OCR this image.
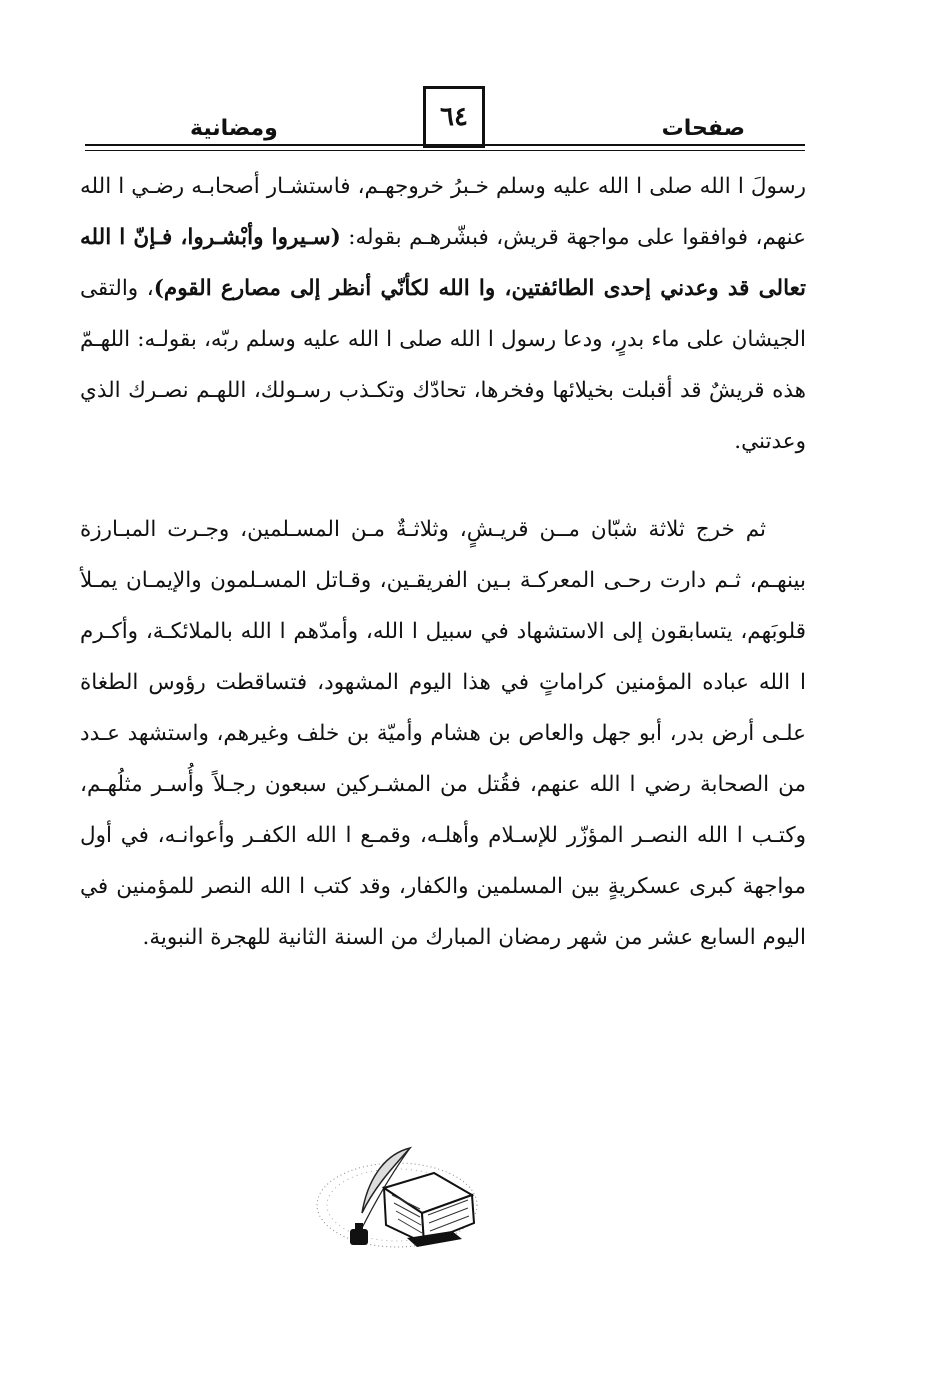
ومضانية	٦٤	صفحات
رسولَ ا الله صلى ا الله عليه وسلم خـبرُ خروجهـم، فاستشـار أصحابـه رضـي ا الله عنهم، فوافقوا على مواجهة قريش، فبشّرهـم بقوله: (سـيروا وأبْشـروا، فـإنّ ا الله تعالى قد وعدني إحدى الطائفتين، وا الله لكأنّي أنظر إلى مصارع القوم)، والتقى الجيشان على ماء بدرٍ، ودعا رسول ا الله صلى ا الله عليه وسلم ربّه، بقولـه: اللهـمّ هذه قريشٌ قد أقبلت بخيلائها وفخرها، تحادّك وتكـذب رسـولك، اللهـم نصـرك الذي وعدتني.
ثم خرج ثلاثة شبّان مــن قريـشٍ، وثلاثـةٌ مـن المسـلمين، وجـرت المبـارزة بينهـم، ثـم دارت رحـى المعركـة بـين الفريقـين، وقـاتل المسـلمون والإيمـان يمـلأ قلوبَهم، يتسابقون إلى الاستشهاد في سبيل ا الله، وأمدّهم ا الله بالملائكـة، وأكـرم ا الله عباده المؤمنين كراماتٍ في هذا اليوم المشهود، فتساقطت رؤوس الطغاة علـى أرض بدر، أبو جهل والعاص بن هشام وأميّة بن خلف وغيرهم، واستشهد عـدد من الصحابة رضي ا الله عنهم، فقُتل من المشـركين سبعون رجـلاً وأُسـر مثلُهـم، وكتـب ا الله النصـر المؤزّر للإسـلام وأهلـه، وقمـع ا الله الكفـر وأعوانـه، في أول مواجهة كبرى عسكريةٍ بين المسلمين والكفار، وقد كتب ا الله النصر للمؤمنين في اليوم السابع عشر من شهر رمضان المبارك من السنة الثانية للهجرة النبوية.
